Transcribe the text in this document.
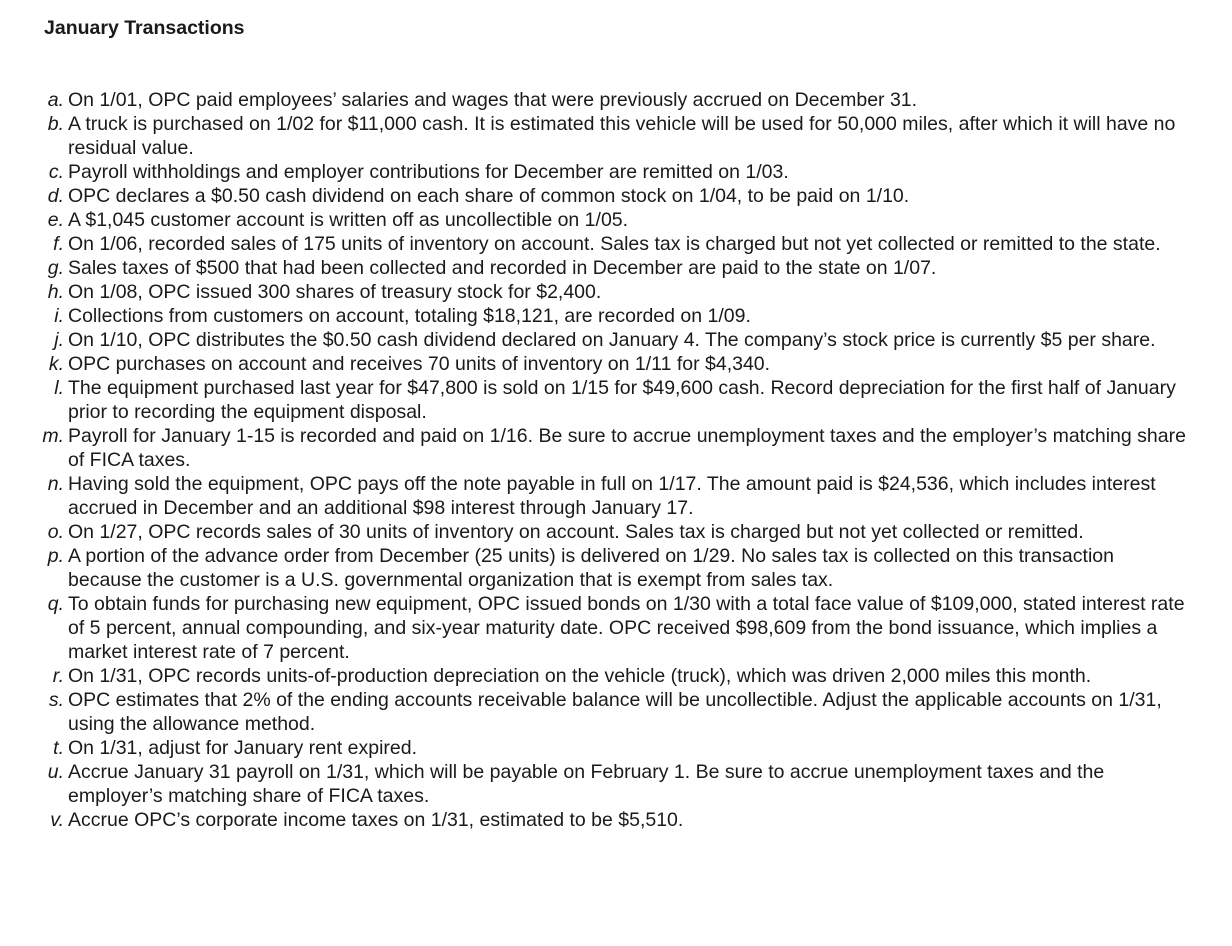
January Transactions
a. On 1/01, OPC paid employees’ salaries and wages that were previously accrued on December 31.
b. A truck is purchased on 1/02 for $11,000 cash. It is estimated this vehicle will be used for 50,000 miles, after which it will have no residual value.
c. Payroll withholdings and employer contributions for December are remitted on 1/03.
d. OPC declares a $0.50 cash dividend on each share of common stock on 1/04, to be paid on 1/10.
e. A $1,045 customer account is written off as uncollectible on 1/05.
f. On 1/06, recorded sales of 175 units of inventory on account. Sales tax is charged but not yet collected or remitted to the state.
g. Sales taxes of $500 that had been collected and recorded in December are paid to the state on 1/07.
h. On 1/08, OPC issued 300 shares of treasury stock for $2,400.
i. Collections from customers on account, totaling $18,121, are recorded on 1/09.
j. On 1/10, OPC distributes the $0.50 cash dividend declared on January 4. The company’s stock price is currently $5 per share.
k. OPC purchases on account and receives 70 units of inventory on 1/11 for $4,340.
l. The equipment purchased last year for $47,800 is sold on 1/15 for $49,600 cash. Record depreciation for the first half of January prior to recording the equipment disposal.
m. Payroll for January 1-15 is recorded and paid on 1/16. Be sure to accrue unemployment taxes and the employer’s matching share of FICA taxes.
n. Having sold the equipment, OPC pays off the note payable in full on 1/17. The amount paid is $24,536, which includes interest accrued in December and an additional $98 interest through January 17.
o. On 1/27, OPC records sales of 30 units of inventory on account. Sales tax is charged but not yet collected or remitted.
p. A portion of the advance order from December (25 units) is delivered on 1/29. No sales tax is collected on this transaction because the customer is a U.S. governmental organization that is exempt from sales tax.
q. To obtain funds for purchasing new equipment, OPC issued bonds on 1/30 with a total face value of $109,000, stated interest rate of 5 percent, annual compounding, and six-year maturity date. OPC received $98,609 from the bond issuance, which implies a market interest rate of 7 percent.
r. On 1/31, OPC records units-of-production depreciation on the vehicle (truck), which was driven 2,000 miles this month.
s. OPC estimates that 2% of the ending accounts receivable balance will be uncollectible. Adjust the applicable accounts on 1/31, using the allowance method.
t. On 1/31, adjust for January rent expired.
u. Accrue January 31 payroll on 1/31, which will be payable on February 1. Be sure to accrue unemployment taxes and the employer’s matching share of FICA taxes.
v. Accrue OPC’s corporate income taxes on 1/31, estimated to be $5,510.
